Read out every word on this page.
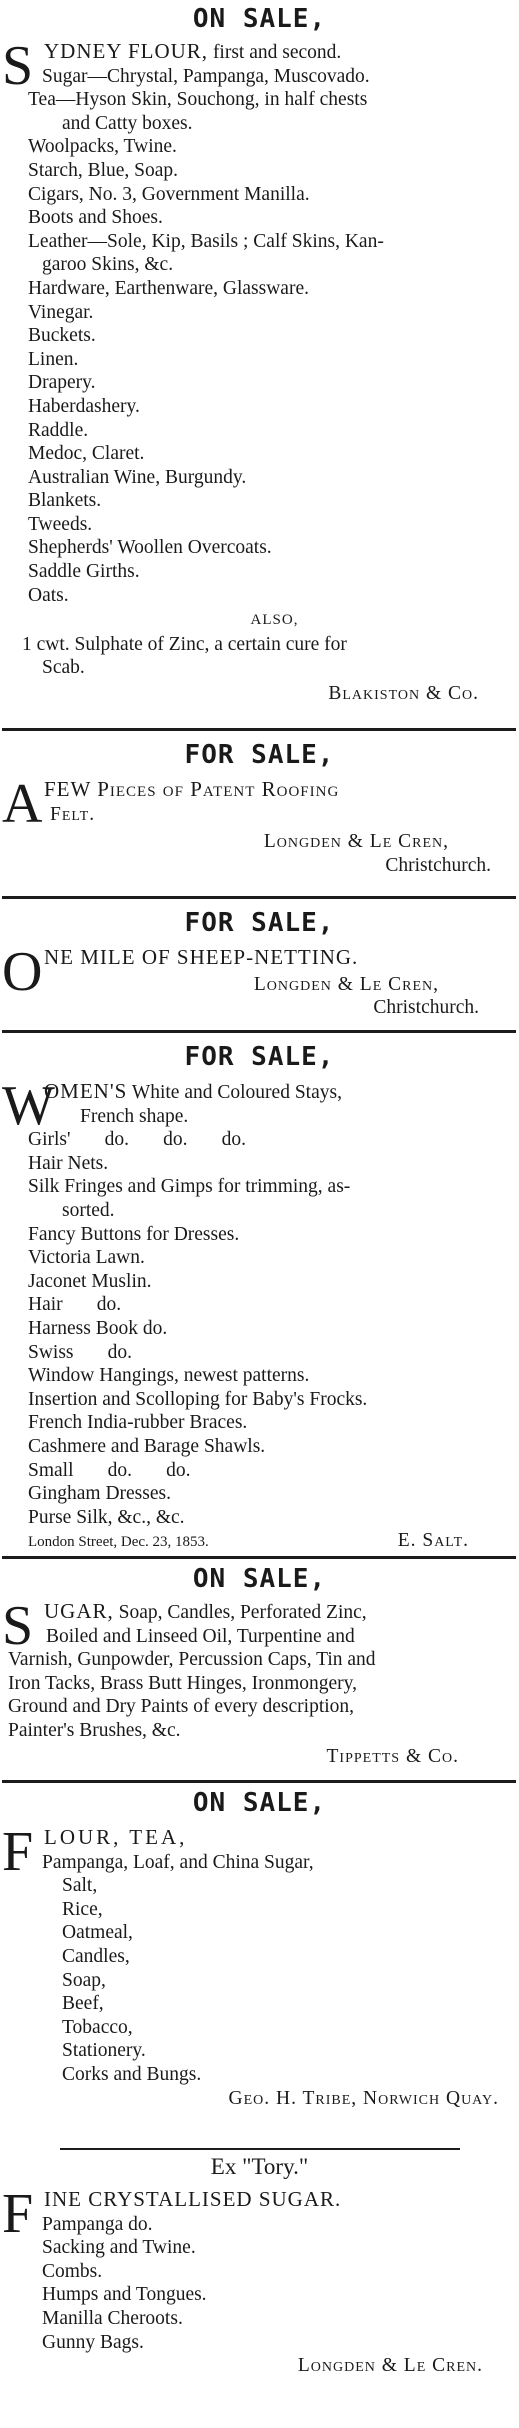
ON SALE,
S YDNEY FLOUR, first and second.
Sugar—Chrystal, Pampanga, Muscovado.
Tea—Hyson Skin, Souchong, in half chests
and Catty boxes.
Woolpacks, Twine.
Starch, Blue, Soap.
Cigars, No. 3, Government Manilla.
Boots and Shoes.
Leather—Sole, Kip, Basils ; Calf Skins, Kan-
garoo Skins, &c.
Hardware, Earthenware, Glassware.
Vinegar.
Buckets.
Linen.
Drapery.
Haberdashery.
Raddle.
Medoc, Claret.
Australian Wine, Burgundy.
Blankets.
Tweeds.
Shepherds' Woollen Overcoats.
Saddle Girths.
Oats.
ALSO,
1 cwt. Sulphate of Zinc, a certain cure for
Scab.
Blakiston & Co.
FOR SALE,
A FEW Pieces of Patent Roofing
Felt.
Longden & Le Cren,
Christchurch.
FOR SALE,
O NE MILE OF SHEEP-NETTING.
Longden & Le Cren,
Christchurch.
FOR SALE,
W
OMEN'S White and Coloured Stays,
French shape.
Girls'       do.       do.       do.
Hair Nets.
Silk Fringes and Gimps for trimming, as-
sorted.
Fancy Buttons for Dresses.
Victoria Lawn.
Jaconet Muslin.
Hair       do.
Harness Book do.
Swiss       do.
Window Hangings, newest patterns.
Insertion and Scolloping for Baby's Frocks.
French India-rubber Braces.
Cashmere and Barage Shawls.
Small       do.       do.
Gingham Dresses.
Purse Silk, &c., &c.
E. Salt.
London Street, Dec. 23, 1853.
ON SALE,
S UGAR, Soap, Candles, Perforated Zinc,
Boiled and Linseed Oil, Turpentine and
Varnish, Gunpowder, Percussion Caps, Tin and
Iron Tacks, Brass Butt Hinges, Ironmongery,
Ground and Dry Paints of every description,
Painter's Brushes, &c.
Tippetts & Co.
ON SALE,
F LOUR, TEA,
Pampanga, Loaf, and China Sugar,
Salt,
Rice,
Oatmeal,
Candles,
Soap,
Beef,
Tobacco,
Stationery.
Corks and Bungs.
Geo. H. Tribe, Norwich Quay.
Ex "Tory."
F INE CRYSTALLISED SUGAR.
Pampanga do.
Sacking and Twine.
Combs.
Humps and Tongues.
Manilla Cheroots.
Gunny Bags.
Longden & Le Cren.
